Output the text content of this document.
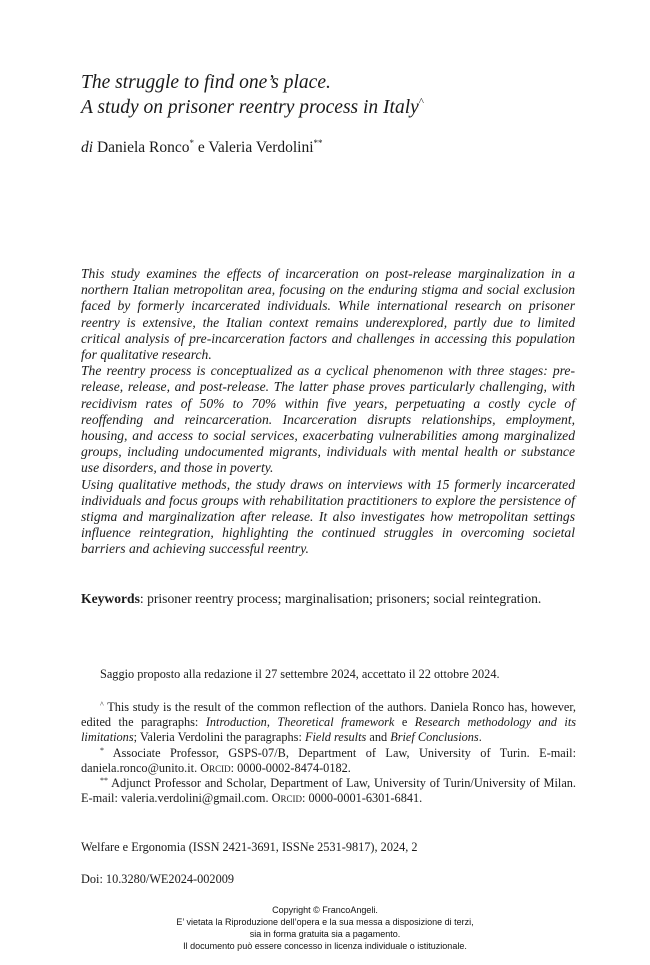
The struggle to find one’s place.
A study on prisoner reentry process in Italy^
di Daniela Ronco* e Valeria Verdolini**

This study examines the effects of incarceration on post-release marginalization in a northern Italian metropolitan area, focusing on the enduring stigma and social exclusion faced by formerly incarcerated individuals. While international research on prisoner reentry is extensive, the Italian context remains underexplored, partly due to limited critical analysis of pre-incarceration factors and challenges in accessing this population for qualitative research.

The reentry process is conceptualized as a cyclical phenomenon with three stages: pre-release, release, and post-release. The latter phase proves particularly challenging, with recidivism rates of 50% to 70% within five years, perpetuating a costly cycle of reoffending and reincarceration. Incarceration disrupts relationships, employment, housing, and access to social services, exacerbating vulnerabilities among marginalized groups, including undocumented migrants, individuals with mental health or substance use disorders, and those in poverty.

Using qualitative methods, the study draws on interviews with 15 formerly incarcerated individuals and focus groups with rehabilitation practitioners to explore the persistence of stigma and marginalization after release. It also investigates how metropolitan settings influence reintegration, highlighting the continued struggles in overcoming societal barriers and achieving successful reentry.

Keywords: prisoner reentry process; marginalisation; prisoners; social reintegration.
Saggio proposto alla redazione il 27 settembre 2024, accettato il 22 ottobre 2024.

^ This study is the result of the common reflection of the authors. Daniela Ronco has, however, edited the paragraphs: Introduction, Theoretical framework e Research methodology and its limitations; Valeria Verdolini the paragraphs: Field results and Brief Conclusions.

* Associate Professor, GSPS-07/B, Department of Law, University of Turin. E-mail: daniela.ronco@unito.it. Orcid: 0000-0002-8474-0182.

** Adjunct Professor and Scholar, Department of Law, University of Turin/University of Milan. E-mail: valeria.verdolini@gmail.com. Orcid: 0000-0001-6301-6841.

Welfare e Ergonomia (ISSN 2421-3691, ISSNe 2531-9817), 2024, 2
Doi: 10.3280/WE2024-002009
Copyright © FrancoAngeli.
E’ vietata la Riproduzione dell’opera e la sua messa a disposizione di terzi,
sia in forma gratuita sia a pagamento.
Il documento può essere concesso in licenza individuale o istituzionale.
